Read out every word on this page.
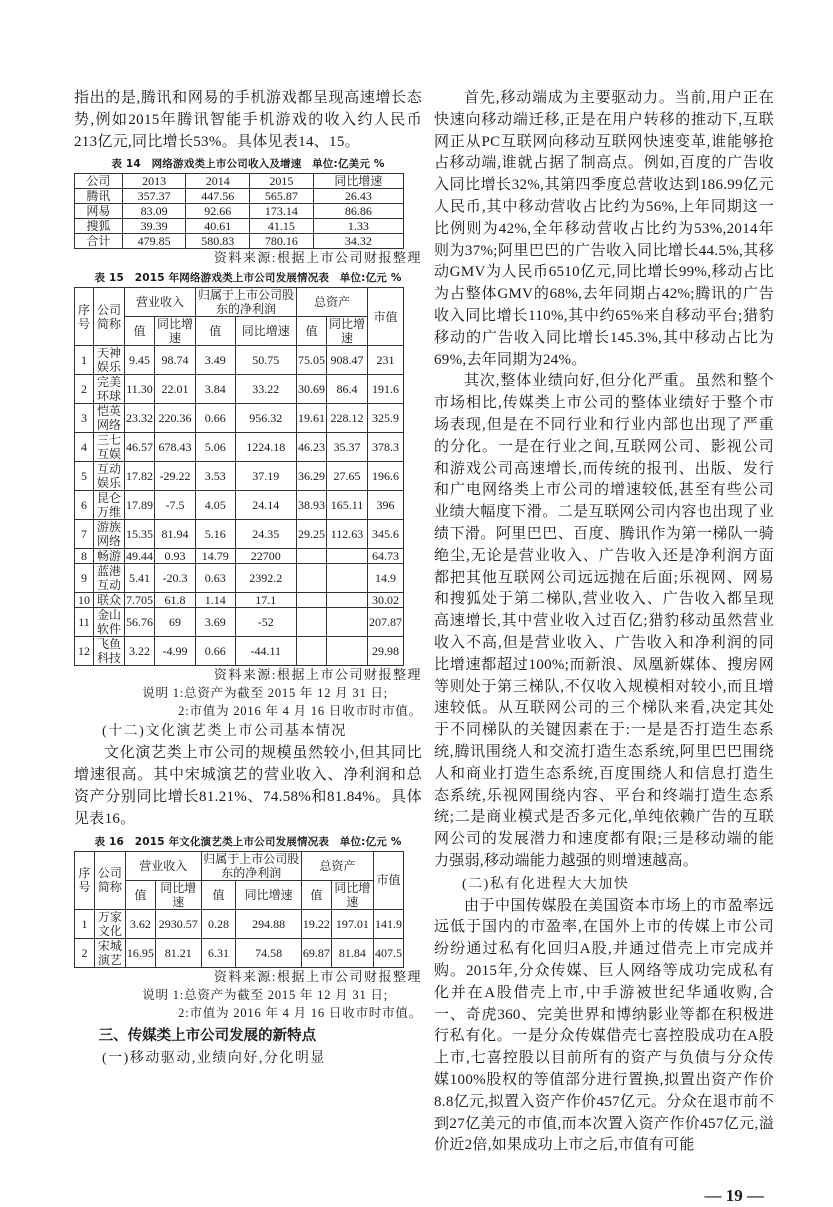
指出的是,腾讯和网易的手机游戏都呈现高速增长态势,例如2015年腾讯智能手机游戏的收入约人民币213亿元,同比增长53%。具体见表14、15。

表 14　网络游戏类上市公司收入及增速　单位:亿美元 %
公司	2013	2014	2015	同比增速
腾讯	357.37	447.56	565.87	26.43
网易	83.09	92.66	173.14	86.86
搜狐	39.39	40.61	41.15	1.33
合计	479.85	580.83	780.16	34.32
资料来源:根据上市公司财报整理
表 15　2015 年网络游戏类上市公司发展情况表　单位:亿元 %
序号	公司简称	营业收入		归属于上市公司股东的净利润		总资产		市值
		值	同比增速	值	同比增速	值	同比增速	
1	天神娱乐	9.45	98.74	3.49	50.75	75.05	908.47	231
2	完美环球	11.30	22.01	3.84	33.22	30.69	86.4	191.6
3	恺英网络	23.32	220.36	0.66	956.32	19.61	228.12	325.9
4	三七互娱	46.57	678.43	5.06	1224.18	46.23	35.37	378.3
5	互动娱乐	17.82	-29.22	3.53	37.19	36.29	27.65	196.6
6	昆仑万维	17.89	-7.5	4.05	24.14	38.93	165.11	396
7	游族网络	15.35	81.94	5.16	24.35	29.25	112.63	345.6
8	畅游	49.44	0.93	14.79	22700			64.73
9	蓝港互动	5.41	-20.3	0.63	2392.2			14.9
10	联众	7.705	61.8	1.14	17.1			30.02
11	金山软件	56.76	69	3.69	-52			207.87
12	飞鱼科技	3.22	-4.99	0.66	-44.11			29.98
资料来源:根据上市公司财报整理
说明 1:总资产为截至 2015 年 12 月 31 日;
2:市值为 2016 年 4 月 16 日收市时市值。
(十二)文化演艺类上市公司基本情况

文化演艺类上市公司的规模虽然较小,但其同比增速很高。其中宋城演艺的营业收入、净利润和总资产分别同比增长81.21%、74.58%和81.84%。具体见表16。

表 16　2015 年文化演艺类上市公司发展情况表　单位:亿元 %
序号	公司简称	营业收入		归属于上市公司股东的净利润		总资产		市值
		值	同比增速	值	同比增速	值	同比增速	
1	万家文化	3.62	2930.57	0.28	294.88	19.22	197.01	141.9
2	宋城演艺	16.95	81.21	6.31	74.58	69.87	81.84	407.5
资料来源:根据上市公司财报整理
说明 1:总资产为截至 2015 年 12 月 31 日;
2:市值为 2016 年 4 月 16 日收市时市值。
三、传媒类上市公司发展的新特点
(一)移动驱动,业绩向好,分化明显

首先,移动端成为主要驱动力。当前,用户正在快速向移动端迁移,正是在用户转移的推动下,互联网正从PC互联网向移动互联网快速变革,谁能够抢占移动端,谁就占据了制高点。例如,百度的广告收入同比增长32%,其第四季度总营收达到186.99亿元人民币,其中移动营收占比约为56%,上年同期这一比例则为42%,全年移动营收占比约为53%,2014年则为37%;阿里巴巴的广告收入同比增长44.5%,其移动GMV为人民币6510亿元,同比增长99%,移动占比为占整体GMV的68%,去年同期占42%;腾讯的广告收入同比增长110%,其中约65%来自移动平台;猎豹移动的广告收入同比增长145.3%,其中移动占比为69%,去年同期为24%。

其次,整体业绩向好,但分化严重。虽然和整个市场相比,传媒类上市公司的整体业绩好于整个市场表现,但是在不同行业和行业内部也出现了严重的分化。一是在行业之间,互联网公司、影视公司和游戏公司高速增长,而传统的报刊、出版、发行和广电网络类上市公司的增速较低,甚至有些公司业绩大幅度下滑。二是互联网公司内容也出现了业绩下滑。阿里巴巴、百度、腾讯作为第一梯队一骑绝尘,无论是营业收入、广告收入还是净利润方面都把其他互联网公司远远抛在后面;乐视网、网易和搜狐处于第二梯队,营业收入、广告收入都呈现高速增长,其中营业收入过百亿;猎豹移动虽然营业收入不高,但是营业收入、广告收入和净利润的同比增速都超过100%;而新浪、凤凰新媒体、搜房网等则处于第三梯队,不仅收入规模相对较小,而且增速较低。从互联网公司的三个梯队来看,决定其处于不同梯队的关键因素在于:一是是否打造生态系统,腾讯围绕人和交流打造生态系统,阿里巴巴围绕人和商业打造生态系统,百度围绕人和信息打造生态系统,乐视网围绕内容、平台和终端打造生态系统;二是商业模式是否多元化,单纯依赖广告的互联网公司的发展潜力和速度都有限;三是移动端的能力强弱,移动端能力越强的则增速越高。

(二)私有化进程大大加快

由于中国传媒股在美国资本市场上的市盈率远远低于国内的市盈率,在国外上市的传媒上市公司纷纷通过私有化回归A股,并通过借壳上市完成并购。2015年,分众传媒、巨人网络等成功完成私有化并在A股借壳上市,中手游被世纪华通收购,合一、奇虎360、完美世界和博纳影业等都在积极进行私有化。一是分众传媒借壳七喜控股成功在A股上市,七喜控股以目前所有的资产与负债与分众传媒100%股权的等值部分进行置换,拟置出资产作价8.8亿元,拟置入资产作价457亿元。分众在退市前不到27亿美元的市值,而本次置入资产作价457亿元,溢价近2倍,如果成功上市之后,市值有可能

— 19 —
